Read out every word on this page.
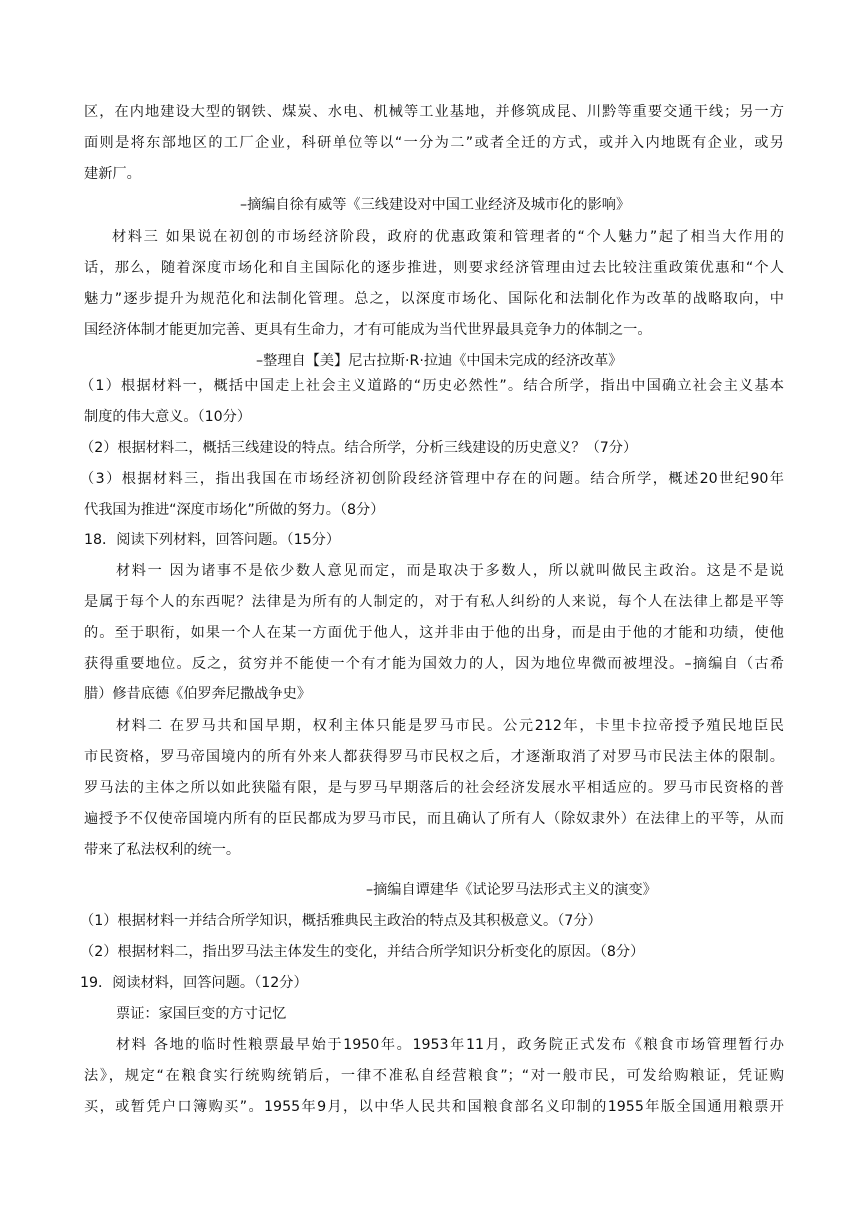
区，在内地建设大型的钢铁、煤炭、水电、机械等工业基地，并修筑成昆、川黔等重要交通干线；另一方
面则是将东部地区的工厂企业，科研单位等以“一分为二”或者全迁的方式，或并入内地既有企业，或另
建新厂。
–摘编自徐有威等《三线建设对中国工业经济及城市化的影响》
材料三 如果说在初创的市场经济阶段，政府的优惠政策和管理者的“个人魅力”起了相当大作用的
话，那么，随着深度市场化和自主国际化的逐步推进，则要求经济管理由过去比较注重政策优惠和“个人
魅力”逐步提升为规范化和法制化管理。总之，以深度市场化、国际化和法制化作为改革的战略取向，中
国经济体制才能更加完善、更具有生命力，才有可能成为当代世界最具竞争力的体制之一。
–整理自【美】尼古拉斯·R·拉迪《中国未完成的经济改革》
（1）根据材料一，概括中国走上社会主义道路的“历史必然性”。结合所学，指出中国确立社会主义基本
制度的伟大意义。（10分）
（2）根据材料二，概括三线建设的特点。结合所学，分析三线建设的历史意义？（7分）
（3）根据材料三，指出我国在市场经济初创阶段经济管理中存在的问题。结合所学，概述20世纪90年
代我国为推进“深度市场化”所做的努力。（8分）
18．阅读下列材料，回答问题。（15分）
材料一 因为诸事不是依少数人意见而定，而是取决于多数人，所以就叫做民主政治。这是不是说
是属于每个人的东西呢？法律是为所有的人制定的，对于有私人纠纷的人来说，每个人在法律上都是平等
的。至于职衔，如果一个人在某一方面优于他人，这并非由于他的出身，而是由于他的才能和功绩，使他
获得重要地位。反之，贫穷并不能使一个有才能为国效力的人，因为地位卑微而被埋没。–摘编自（古希
腊）修昔底德《伯罗奔尼撒战争史》
材料二 在罗马共和国早期，权利主体只能是罗马市民。公元212年，卡里卡拉帝授予殖民地臣民
市民资格，罗马帝国境内的所有外来人都获得罗马市民权之后，才逐渐取消了对罗马市民法主体的限制。
罗马法的主体之所以如此狭隘有限，是与罗马早期落后的社会经济发展水平相适应的。罗马市民资格的普
遍授予不仅使帝国境内所有的臣民都成为罗马市民，而且确认了所有人（除奴隶外）在法律上的平等，从而
带来了私法权利的统一。
–摘编自谭建华《试论罗马法形式主义的演变》
（1）根据材料一并结合所学知识，概括雅典民主政治的特点及其积极意义。（7分）
（2）根据材料二，指出罗马法主体发生的变化，并结合所学知识分析变化的原因。（8分）
19．阅读材料，回答问题。（12分）
票证：家国巨变的方寸记忆
材料 各地的临时性粮票最早始于1950年。1953年11月，政务院正式发布《粮食市场管理暂行办
法》，规定“在粮食实行统购统销后，一律不准私自经营粮食”；“对一般市民，可发给购粮证，凭证购
买，或暂凭户口簿购买”。1955年9月，以中华人民共和国粮食部名义印制的1955年版全国通用粮票开
